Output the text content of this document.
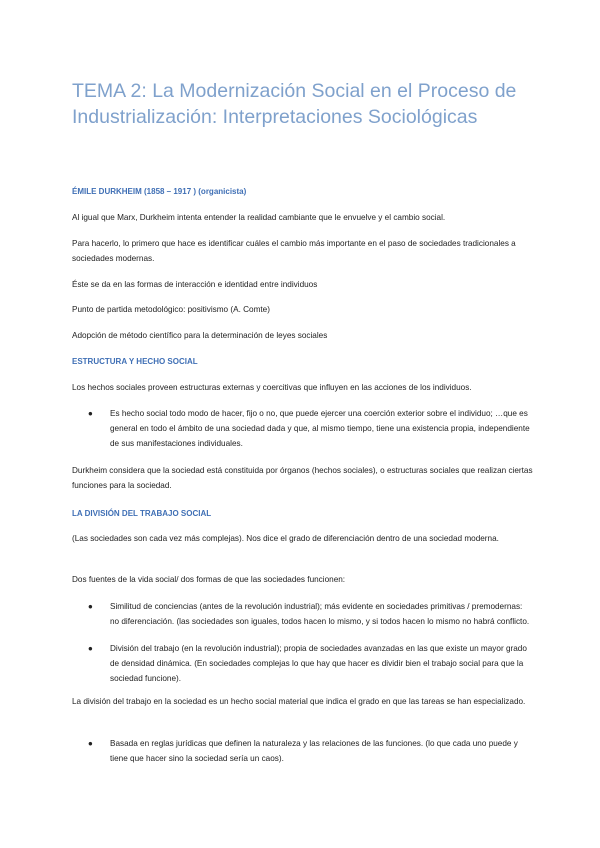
TEMA 2: La Modernización Social en el Proceso de Industrialización: Interpretaciones Sociológicas

ÉMILE DURKHEIM (1858 – 1917 ) (organicista)

Al igual que Marx, Durkheim intenta entender la realidad cambiante que le envuelve y el cambio social.

Para hacerlo, lo primero que hace es identificar cuáles el cambio más importante en el paso de sociedades tradicionales a sociedades modernas.

Éste se da en las formas de interacción e identidad entre individuos

Punto de partida metodológico: positivismo (A. Comte)

Adopción de método científico para la determinación de leyes sociales

ESTRUCTURA Y HECHO SOCIAL

Los hechos sociales proveen estructuras externas y coercitivas que influyen en las acciones de los individuos.

●	Es hecho social todo modo de hacer, fijo o no, que puede ejercer una coerción exterior sobre el individuo; …que es general en todo el ámbito de una sociedad dada y que, al mismo tiempo, tiene una existencia propia, independiente de sus manifestaciones individuales.

Durkheim considera que la sociedad está constituida por órganos (hechos sociales), o estructuras sociales que realizan ciertas funciones para la sociedad.

LA DIVISIÓN DEL TRABAJO SOCIAL

(Las sociedades son cada vez más complejas). Nos dice el grado de diferenciación dentro de una sociedad moderna.

Dos fuentes de la vida social/ dos formas de que las sociedades funcionen:

●	Similitud de conciencias (antes de la revolución industrial); más evidente en sociedades primitivas / premodernas: no diferenciación. (las sociedades son iguales, todos hacen lo mismo, y si todos hacen lo mismo no habrá conflicto.
●	División del trabajo (en la revolución industrial); propia de sociedades avanzadas en las que existe un mayor grado de densidad dinámica. (En sociedades complejas lo que hay que hacer es dividir bien el trabajo social para que la sociedad funcione).

La división del trabajo en la sociedad es un hecho social material que indica el grado en que las tareas se han especializado.

●	Basada en reglas jurídicas que definen la naturaleza y las relaciones de las funciones. (lo que cada uno puede y tiene que hacer sino la sociedad sería un caos).
